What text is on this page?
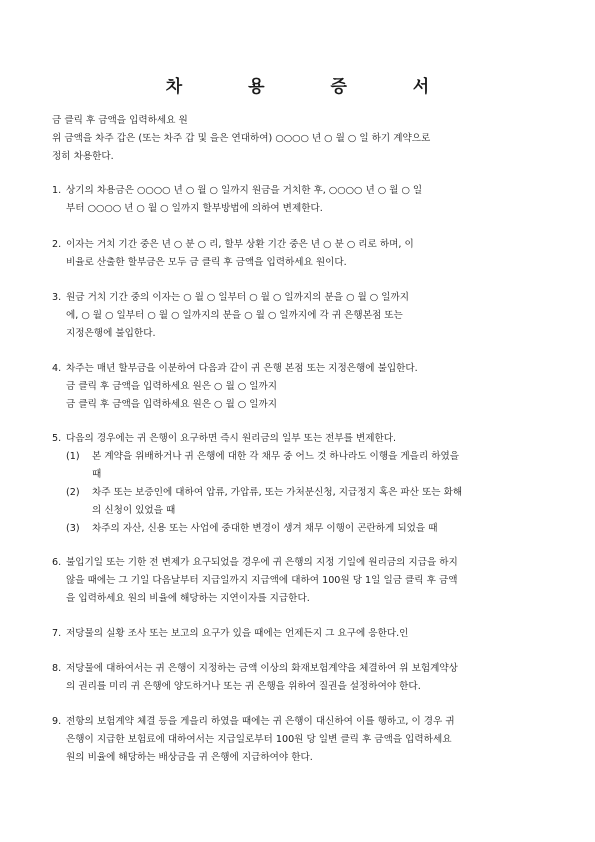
차 용 증 서
금 클릭 후 금액을 입력하세요 원
위 금액을 차주 갑은 (또는 차주 갑 및 을은 연대하여) ○○○○ 년 ○ 월 ○ 일 하기 계약으로
정히 차용한다.
1. 상기의 차용금은 ○○○○ 년 ○ 월 ○ 일까지 원금을 거치한 후, ○○○○ 년 ○ 월 ○ 일
부터 ○○○○ 년 ○ 월 ○ 일까지 할부방법에 의하여 변제한다.
2. 이자는 거치 기간 중은 년 ○ 분 ○ 리, 할부 상환 기간 중은 년 ○ 분 ○ 리로 하며, 이
비율로 산출한 할부금은 모두 금 클릭 후 금액을 입력하세요 원이다.
3. 원금 거치 기간 중의 이자는 ○ 월 ○ 일부터 ○ 월 ○ 일까지의 분을 ○ 월 ○ 일까지
에, ○ 월 ○ 일부터 ○ 월 ○ 일까지의 분을 ○ 월 ○ 일까지에 각 귀 은행본점 또는
지정은행에 불입한다.
4. 차주는 매년 할부금을 이분하여 다음과 같이 귀 은행 본점 또는 지정은행에 불입한다.
금 클릭 후 금액을 입력하세요 원은 ○ 월 ○ 일까지
금 클릭 후 금액을 입력하세요 원은 ○ 월 ○ 일까지
5. 다음의 경우에는 귀 은행이 요구하면 즉시 원리금의 일부 또는 전부를 변제한다.
(1)	본 계약을 위배하거나 귀 은행에 대한 각 채무 중 어느 것 하나라도 이행을 게을리 하였을
때
(2)	차주 또는 보증인에 대하여 압류, 가압류, 또는 가처분신청, 지급정지 혹은 파산 또는 화해
의 신청이 있었을 때
(3)	차주의 자산, 신용 또는 사업에 중대한 변경이 생겨 채무 이행이 곤란하게 되었을 때
6. 불입기일 또는 기한 전 변제가 요구되었을 경우에 귀 은행의 지정 기일에 원리금의 지급을 하지
않을 때에는 그 기일 다음날부터 지급일까지 지급액에 대하여 100원 당 1일 일금 클릭 후 금액
을 입력하세요 원의 비율에 해당하는 지연이자를 지급한다.
7. 저당물의 실황 조사 또는 보고의 요구가 있을 때에는 언제든지 그 요구에 응한다.인
8. 저당물에 대하여서는 귀 은행이 지정하는 금액 이상의 화재보험계약을 체결하여 위 보험계약상
의 권리를 미리 귀 은행에 양도하거나 또는 귀 은행을 위하여 질권을 설정하여야 한다.
9. 전항의 보험계약 체결 등을 게을리 하였을 때에는 귀 은행이 대신하여 이를 행하고, 이 경우 귀
은행이 지급한 보험료에 대하여서는 지급일로부터 100원 당 일변 클릭 후 금액을 입력하세요
원의 비율에 해당하는 배상금을 귀 은행에 지급하여야 한다.
